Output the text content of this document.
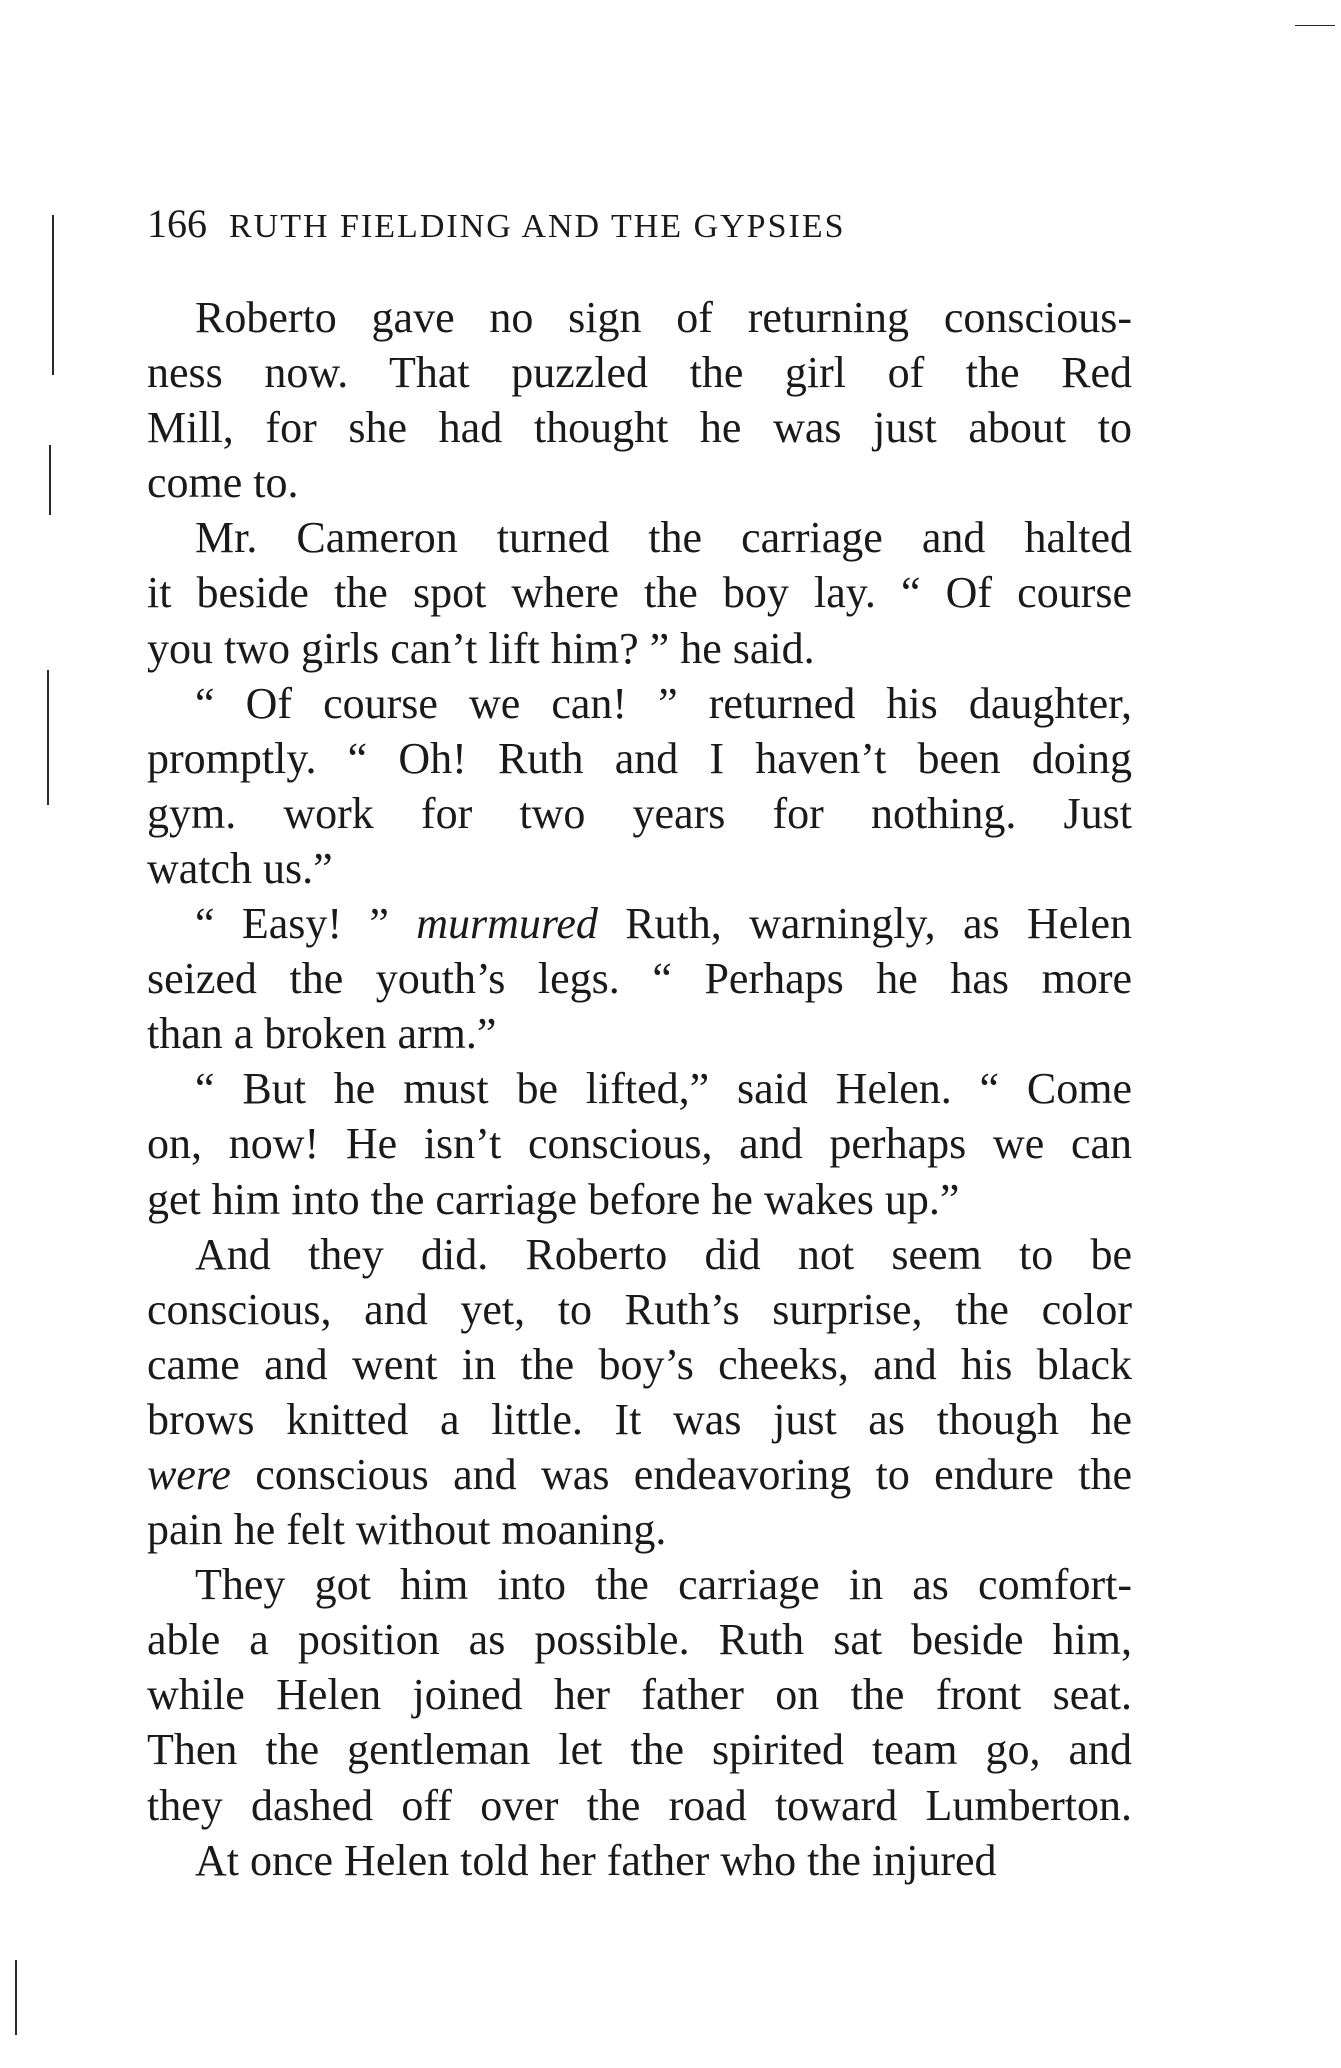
166 RUTH FIELDING AND THE GYPSIES
Roberto gave no sign of returning conscious-
ness now. That puzzled the girl of the Red
Mill, for she had thought he was just about to
come to.
Mr. Cameron turned the carriage and halted
it beside the spot where the boy lay. “ Of course
you two girls can’t lift him? ” he said.
“ Of course we can! ” returned his daughter,
promptly. “ Oh! Ruth and I haven’t been doing
gym. work for two years for nothing. Just
watch us.”
“ Easy! ” murmured Ruth, warningly, as Helen
seized the youth’s legs. “ Perhaps he has more
than a broken arm.”
“ But he must be lifted,” said Helen. “ Come
on, now! He isn’t conscious, and perhaps we can
get him into the carriage before he wakes up.”
And they did. Roberto did not seem to be
conscious, and yet, to Ruth’s surprise, the color
came and went in the boy’s cheeks, and his black
brows knitted a little. It was just as though he
were conscious and was endeavoring to endure the
pain he felt without moaning.
They got him into the carriage in as comfort-
able a position as possible. Ruth sat beside him,
while Helen joined her father on the front seat.
Then the gentleman let the spirited team go, and
they dashed off over the road toward Lumberton.
At once Helen told her father who the injured
